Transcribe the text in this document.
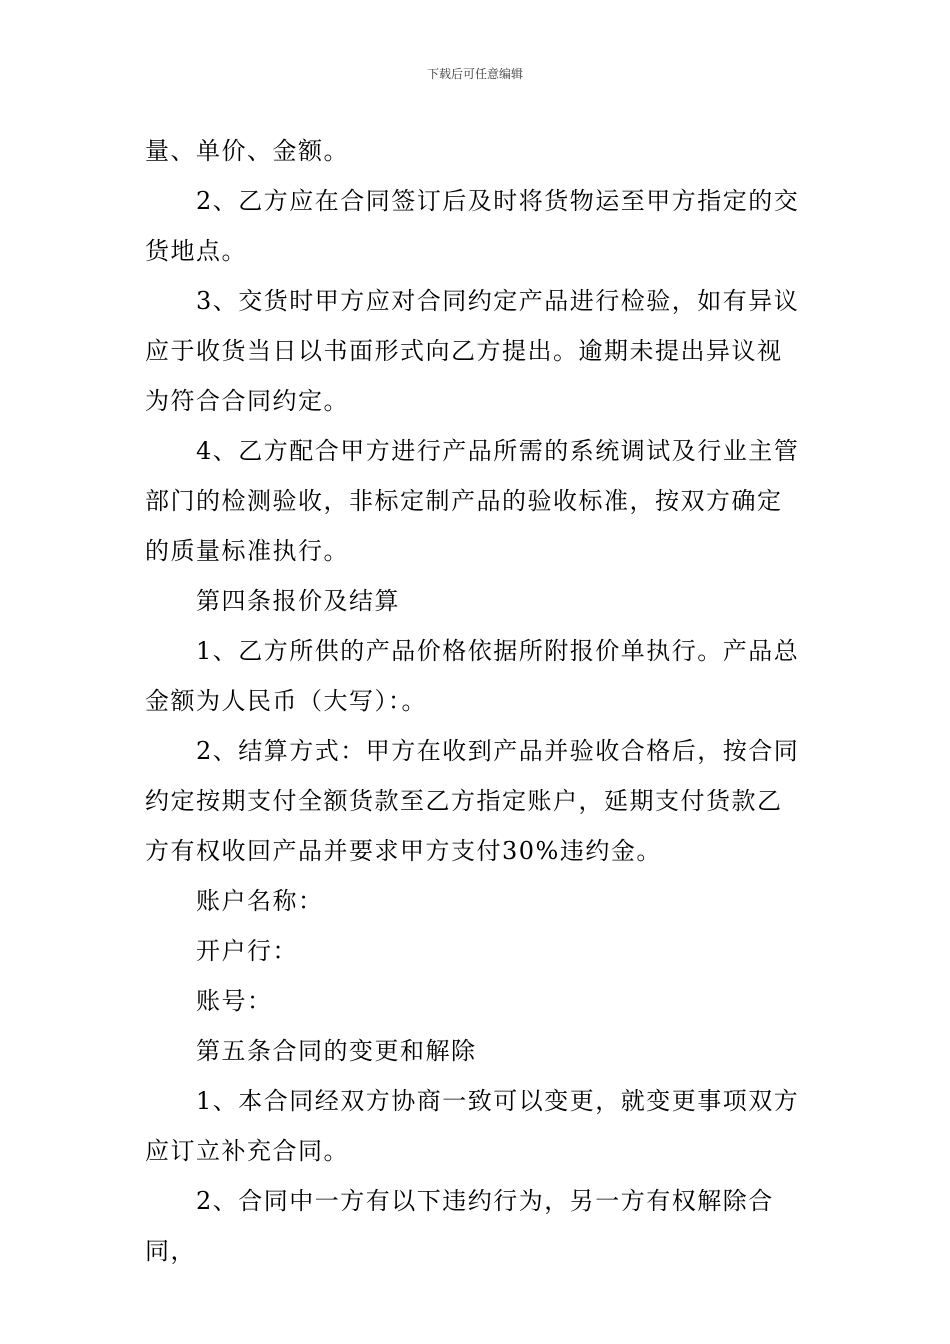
下载后可任意编辑

量、单价、金额。

2、乙方应在合同签订后及时将货物运至甲方指定的交货地点。

3、交货时甲方应对合同约定产品进行检验，如有异议应于收货当日以书面形式向乙方提出。逾期未提出异议视为符合合同约定。

4、乙方配合甲方进行产品所需的系统调试及行业主管部门的检测验收，非标定制产品的验收标准，按双方确定的质量标准执行。

第四条报价及结算

1、乙方所供的产品价格依据所附报价单执行。产品总金额为人民币（大写）：。

2、结算方式：甲方在收到产品并验收合格后，按合同约定按期支付全额货款至乙方指定账户，延期支付货款乙方有权收回产品并要求甲方支付30%违约金。

账户名称：

开户行：

账号：

第五条合同的变更和解除

1、本合同经双方协商一致可以变更，就变更事项双方应订立补充合同。

2、合同中一方有以下违约行为，另一方有权解除合同，
